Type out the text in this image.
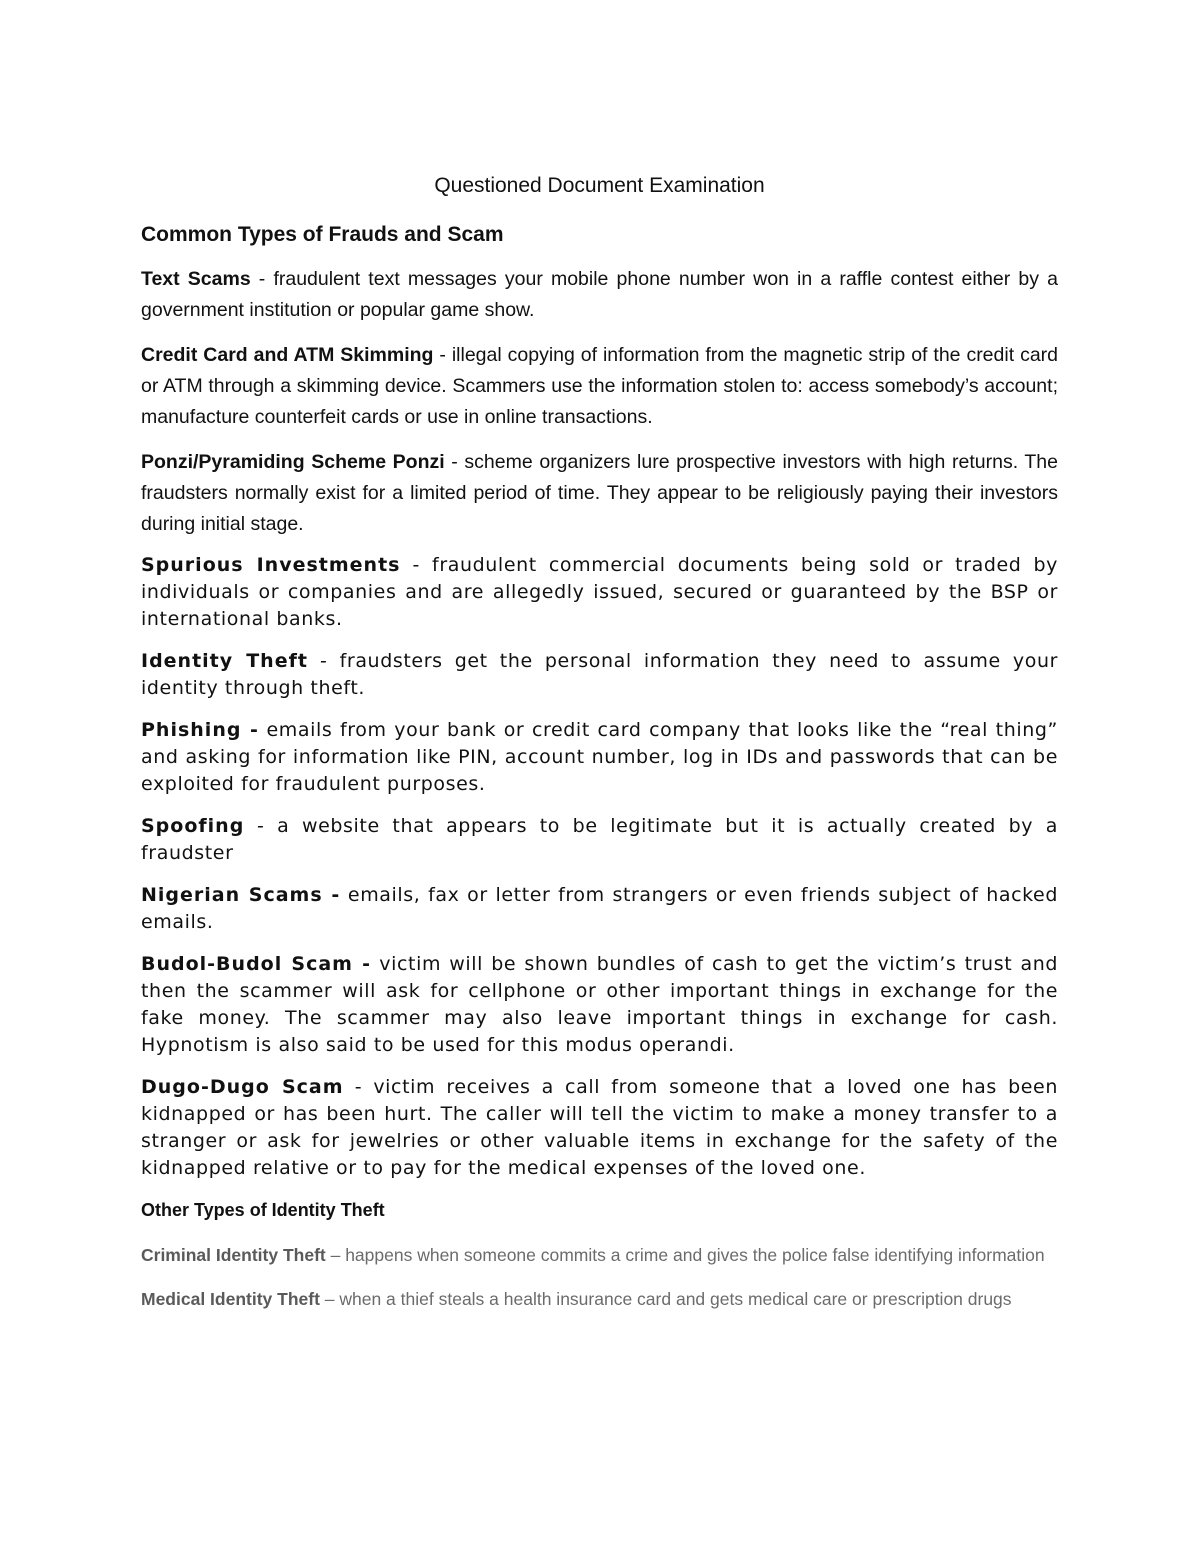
Questioned Document Examination
Common Types of Frauds and Scam

Text Scams - fraudulent text messages your mobile phone number won in a raffle contest either by a government institution or popular game show.

Credit Card and ATM Skimming - illegal copying of information from the magnetic strip of the credit card or ATM through a skimming device. Scammers use the information stolen to: access somebody’s account; manufacture counterfeit cards or use in online transactions.

Ponzi/Pyramiding Scheme Ponzi - scheme organizers lure prospective investors with high returns. The fraudsters normally exist for a limited period of time. They appear to be religiously paying their investors during initial stage.

Spurious Investments - fraudulent commercial documents being sold or traded by individuals or companies and are allegedly issued, secured or guaranteed by the BSP or international banks.

Identity Theft - fraudsters get the personal information they need to assume your identity through theft.

Phishing - emails from your bank or credit card company that looks like the “real thing” and asking for information like PIN, account number, log in IDs and passwords that can be exploited for fraudulent purposes.

Spoofing - a website that appears to be legitimate but it is actually created by a fraudster

Nigerian Scams - emails, fax or letter from strangers or even friends subject of hacked emails.

Budol-Budol Scam - victim will be shown bundles of cash to get the victim’s trust and then the scammer will ask for cellphone or other important things in exchange for the fake money. The scammer may also leave important things in exchange for cash. Hypnotism is also said to be used for this modus operandi.

Dugo-Dugo Scam - victim receives a call from someone that a loved one has been kidnapped or has been hurt. The caller will tell the victim to make a money transfer to a stranger or ask for jewelries or other valuable items in exchange for the safety of the kidnapped relative or to pay for the medical expenses of the loved one.

Other Types of Identity Theft

Criminal Identity Theft – happens when someone commits a crime and gives the police false identifying information

Medical Identity Theft – when a thief steals a health insurance card and gets medical care or prescription drugs
